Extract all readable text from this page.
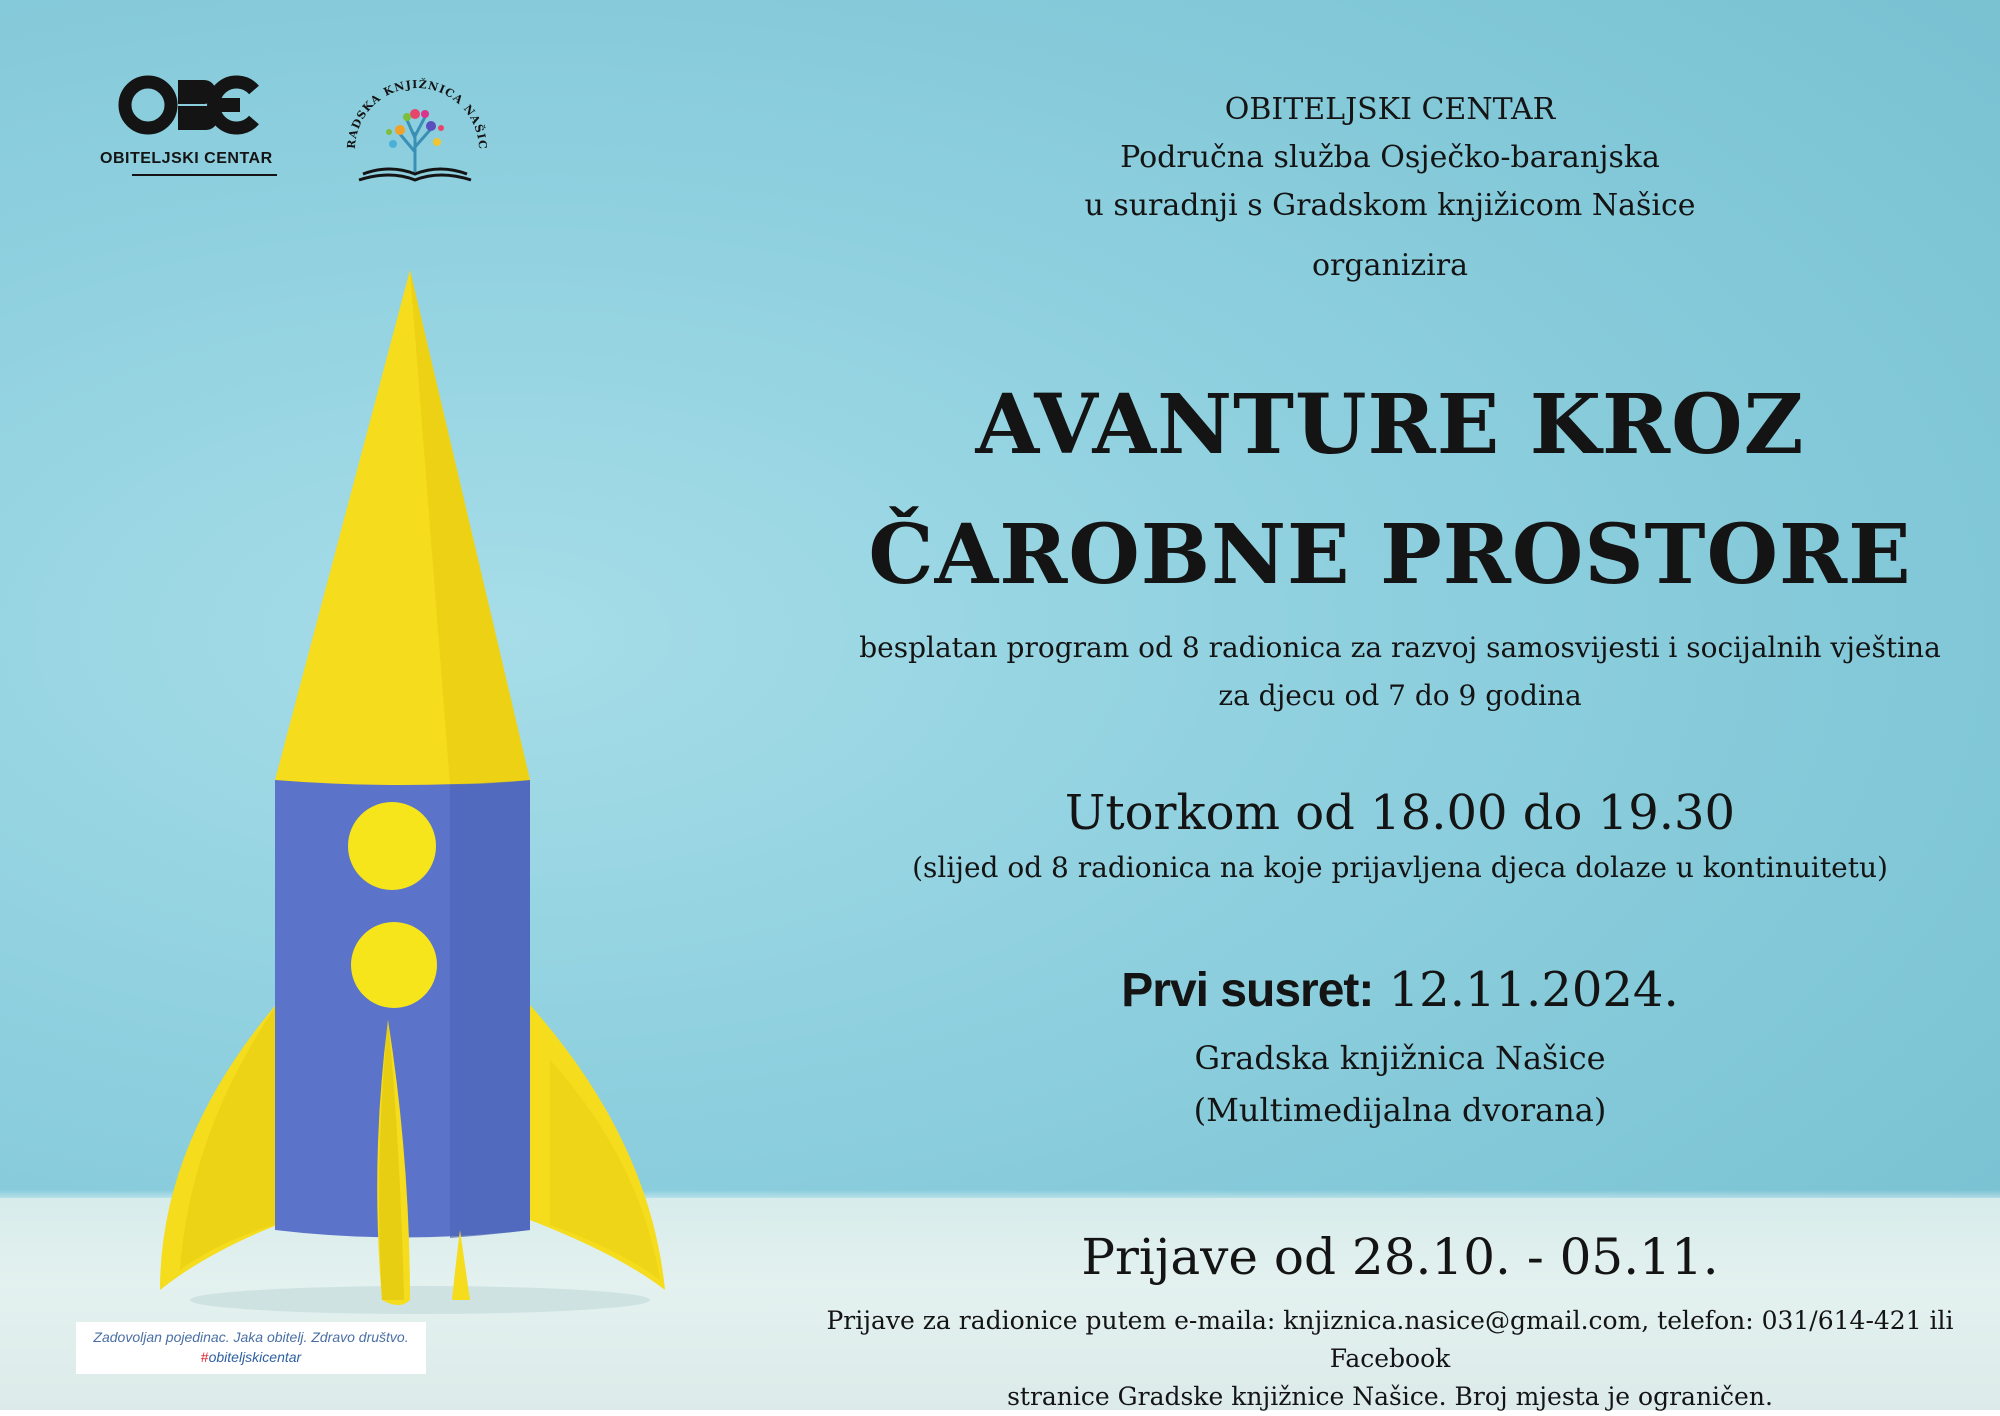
OBITELJSKI CENTAR
RADSKA KNJIŽNICA NAŠIC
OBITELJSKI CENTAR
Područna služba Osječko-baranjska
u suradnji s Gradskom knjižicom Našice
organizira
AVANTURE KROZ
ČAROBNE PROSTORE
besplatan program od 8 radionica za razvoj samosvijesti i socijalnih vještina
za djecu od 7 do 9 godina
Utorkom od 18.00 do 19.30
(slijed od 8 radionica na koje prijavljena djeca dolaze u kontinuitetu)
Prvi susret: 12.11.2024.
Gradska knjižnica Našice
(Multimedijalna dvorana)
Prijave od 28.10. - 05.11.
Prijave za radionice putem e-maila: knjiznica.nasice@gmail.com, telefon: 031/614-421 ili Facebook
stranice Gradske knjižnice Našice. Broj mjesta je ograničen.
Zadovoljan pojedinac. Jaka obitelj. Zdravo društvo.
#obiteljskicentar
